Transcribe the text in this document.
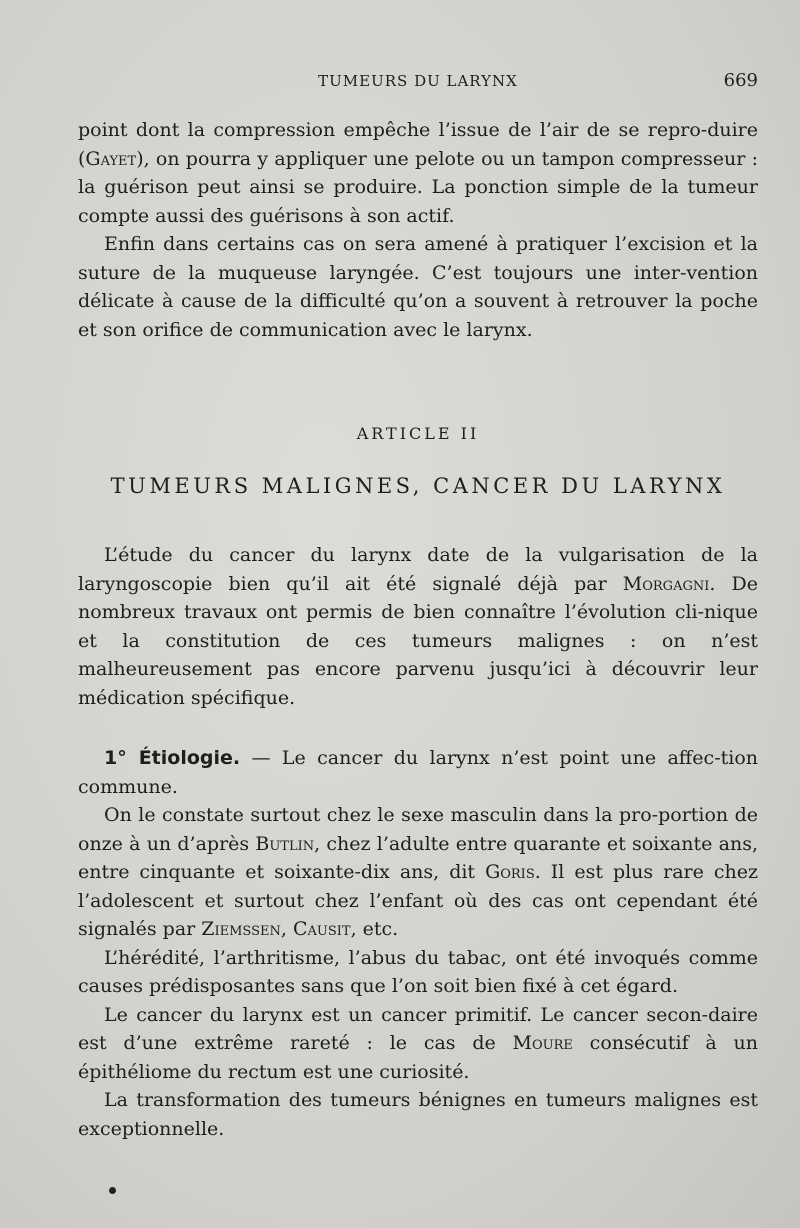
TUMEURS DU LARYNX	669

point dont la compression empêche l’issue de l’air de se repro-duire (Gayet), on pourra y appliquer une pelote ou un tampon compresseur : la guérison peut ainsi se produire. La ponction simple de la tumeur compte aussi des guérisons à son actif.

Enfin dans certains cas on sera amené à pratiquer l’excision et la suture de la muqueuse laryngée. C’est toujours une inter-vention délicate à cause de la difficulté qu’on a souvent à retrouver la poche et son orifice de communication avec le larynx.

ARTICLE II
TUMEURS MALIGNES, CANCER DU LARYNX

L’étude du cancer du larynx date de la vulgarisation de la laryngoscopie bien qu’il ait été signalé déjà par Morgagni. De nombreux travaux ont permis de bien connaître l’évolution cli-nique et la constitution de ces tumeurs malignes : on n’est malheureusement pas encore parvenu jusqu’ici à découvrir leur médication spécifique.

1° Étiologie. — Le cancer du larynx n’est point une affec-tion commune.

On le constate surtout chez le sexe masculin dans la pro-portion de onze à un d’après Butlin, chez l’adulte entre quarante et soixante ans, entre cinquante et soixante-dix ans, dit Goris. Il est plus rare chez l’adolescent et surtout chez l’enfant où des cas ont cependant été signalés par Ziemssen, Causit, etc.

L’hérédité, l’arthritisme, l’abus du tabac, ont été invoqués comme causes prédisposantes sans que l’on soit bien fixé à cet égard.

Le cancer du larynx est un cancer primitif. Le cancer secon-daire est d’une extrême rareté : le cas de Moure consécutif à un épithéliome du rectum est une curiosité.

La transformation des tumeurs bénignes en tumeurs malignes est exceptionnelle.
